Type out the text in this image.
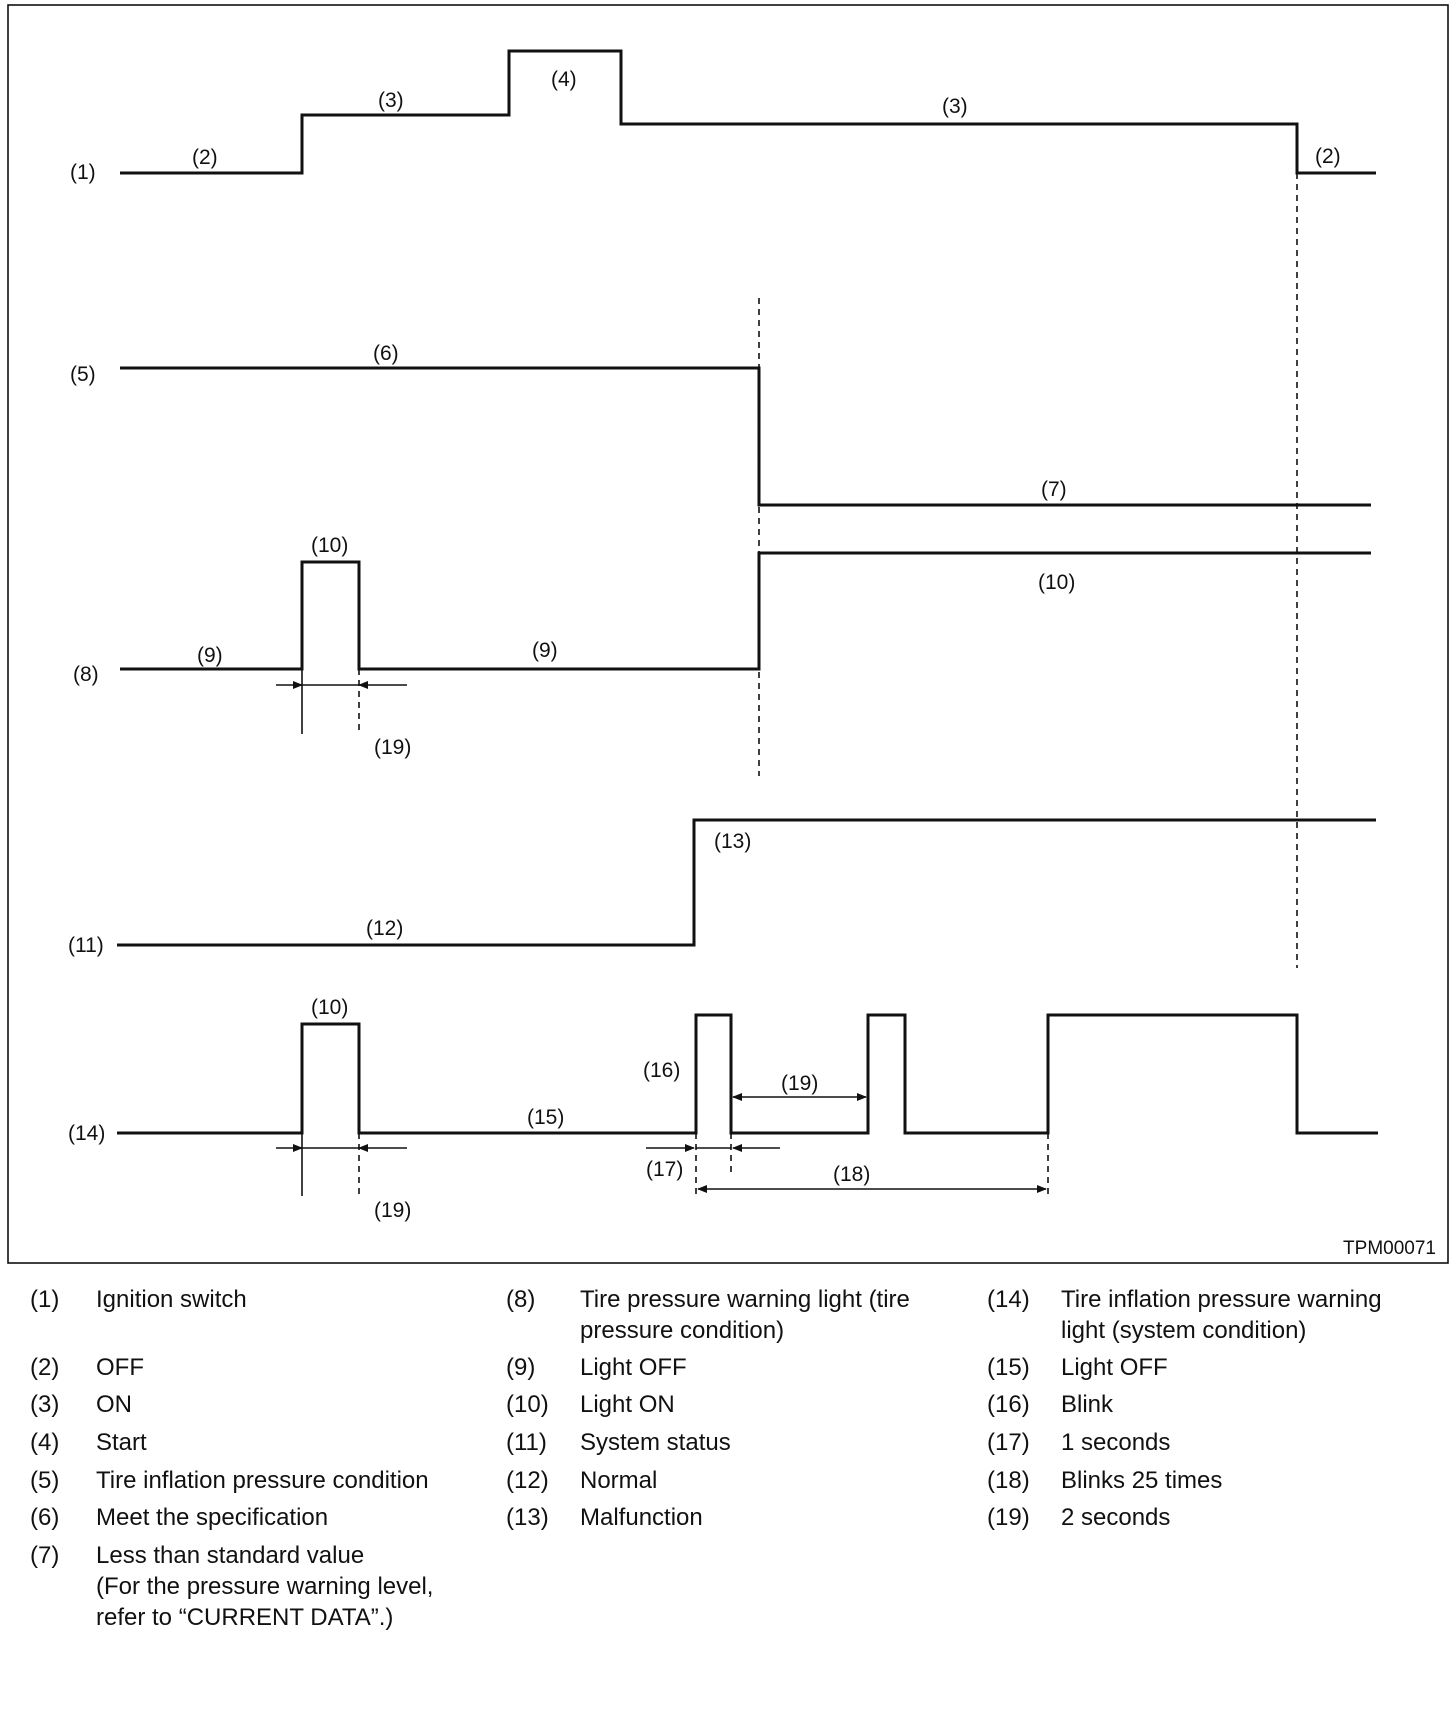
(1)
(2)
(3)
(4)
(3)
(2)
(5)
(6)
(7)
(8)
(10)
(9)	(9)
(10)
(19)
(11)
(12)
(13)
(14)
(10)
(15)
(16)
(19)
(19)
(17)	(18)
TPM00071
(1) Ignition switch
(2) OFF
(3) ON
(4) Start
(5) Tire inflation pressure condition
(6) Meet the specification
(7) Less than standard value
(For the pressure warning level,
refer to “CURRENT DATA”.)
(8) Tire pressure warning light (tire
pressure condition)
(9) Light OFF
(10) Light ON
(11) System status
(12) Normal
(13) Malfunction
(14) Tire inflation pressure warning
light (system condition)
(15) Light OFF
(16) Blink
(17) 1 seconds
(18) Blinks 25 times
(19) 2 seconds
